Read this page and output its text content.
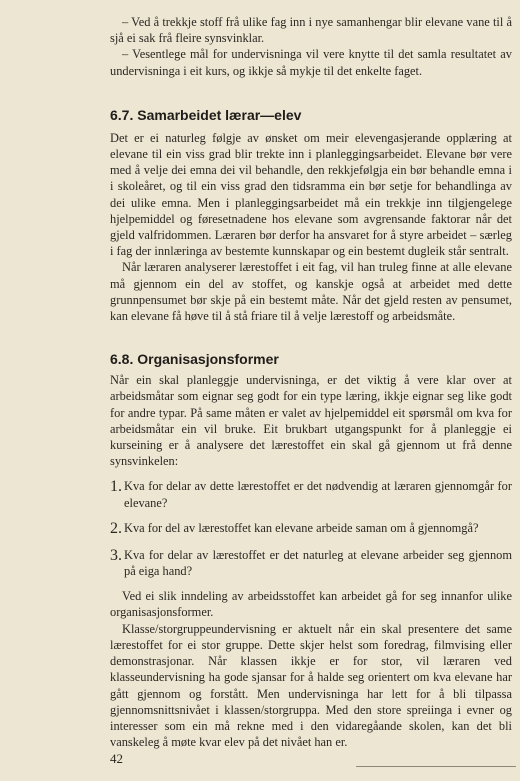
– Ved å trekkje stoff frå ulike fag inn i nye samanhengar blir elevane vane til å sjå ei sak frå fleire synsvinklar.

– Vesentlege mål for undervisninga vil vere knytte til det samla resultatet av undervisninga i eit kurs, og ikkje så mykje til det enkelte faget.

6.7. Samarbeidet lærar—elev

Det er ei naturleg følgje av ønsket om meir elevengasjerande opplæring at elevane til ein viss grad blir trekte inn i planleggingsarbeidet. Elevane bør vere med å velje dei emna dei vil behandle, den rekkjefølgja ein bør behandle emna i i skoleåret, og til ein viss grad den tidsramma ein bør setje for behandlinga av dei ulike emna. Men i planleggingsarbeidet må ein trekkje inn tilgjengelege hjelpemiddel og føresetnadene hos elevane som avgrensande faktorar når det gjeld valfridommen. Læraren bør derfor ha ansvaret for å styre arbeidet – særleg i fag der innlæringa av bestemte kunnskapar og ein bestemt dugleik står sentralt.

Når læraren analyserer lærestoffet i eit fag, vil han truleg finne at alle elevane må gjennom ein del av stoffet, og kanskje også at arbeidet med dette grunnpensumet bør skje på ein bestemt måte. Når det gjeld resten av pensumet, kan elevane få høve til å stå friare til å velje lærestoff og arbeidsmåte.

6.8. Organisasjonsformer

Når ein skal planleggje undervisninga, er det viktig å vere klar over at arbeidsmåtar som eignar seg godt for ein type læring, ikkje eignar seg like godt for andre typar. På same måten er valet av hjelpemiddel eit spørsmål om kva for arbeidsmåtar ein vil bruke. Eit brukbart utgangspunkt for å planleggje ei kurseining er å analysere det lærestoffet ein skal gå gjennom ut frå denne synsvinkelen:

1. Kva for delar av dette lærestoffet er det nødvendig at læraren gjennomgår for elevane?

2. Kva for del av lærestoffet kan elevane arbeide saman om å gjennomgå?

3. Kva for delar av lærestoffet er det naturleg at elevane arbeider seg gjennom på eiga hand?

Ved ei slik inndeling av arbeidsstoffet kan arbeidet gå for seg innanfor ulike organisasjonsformer.

Klasse/storgruppeundervisning er aktuelt når ein skal presentere det same lærestoffet for ei stor gruppe. Dette skjer helst som foredrag, filmvising eller demonstrasjonar. Når klassen ikkje er for stor, vil læraren ved klasseundervisning ha gode sjansar for å halde seg orientert om kva elevane har gått gjennom og forstått. Men undervisninga har lett for å bli tilpassa gjennomsnittsnivået i klassen/storgruppa. Med den store spreiinga i evner og interesser som ein må rekne med i den vidaregåande skolen, kan det bli vanskeleg å møte kvar elev på det nivået han er.

42
